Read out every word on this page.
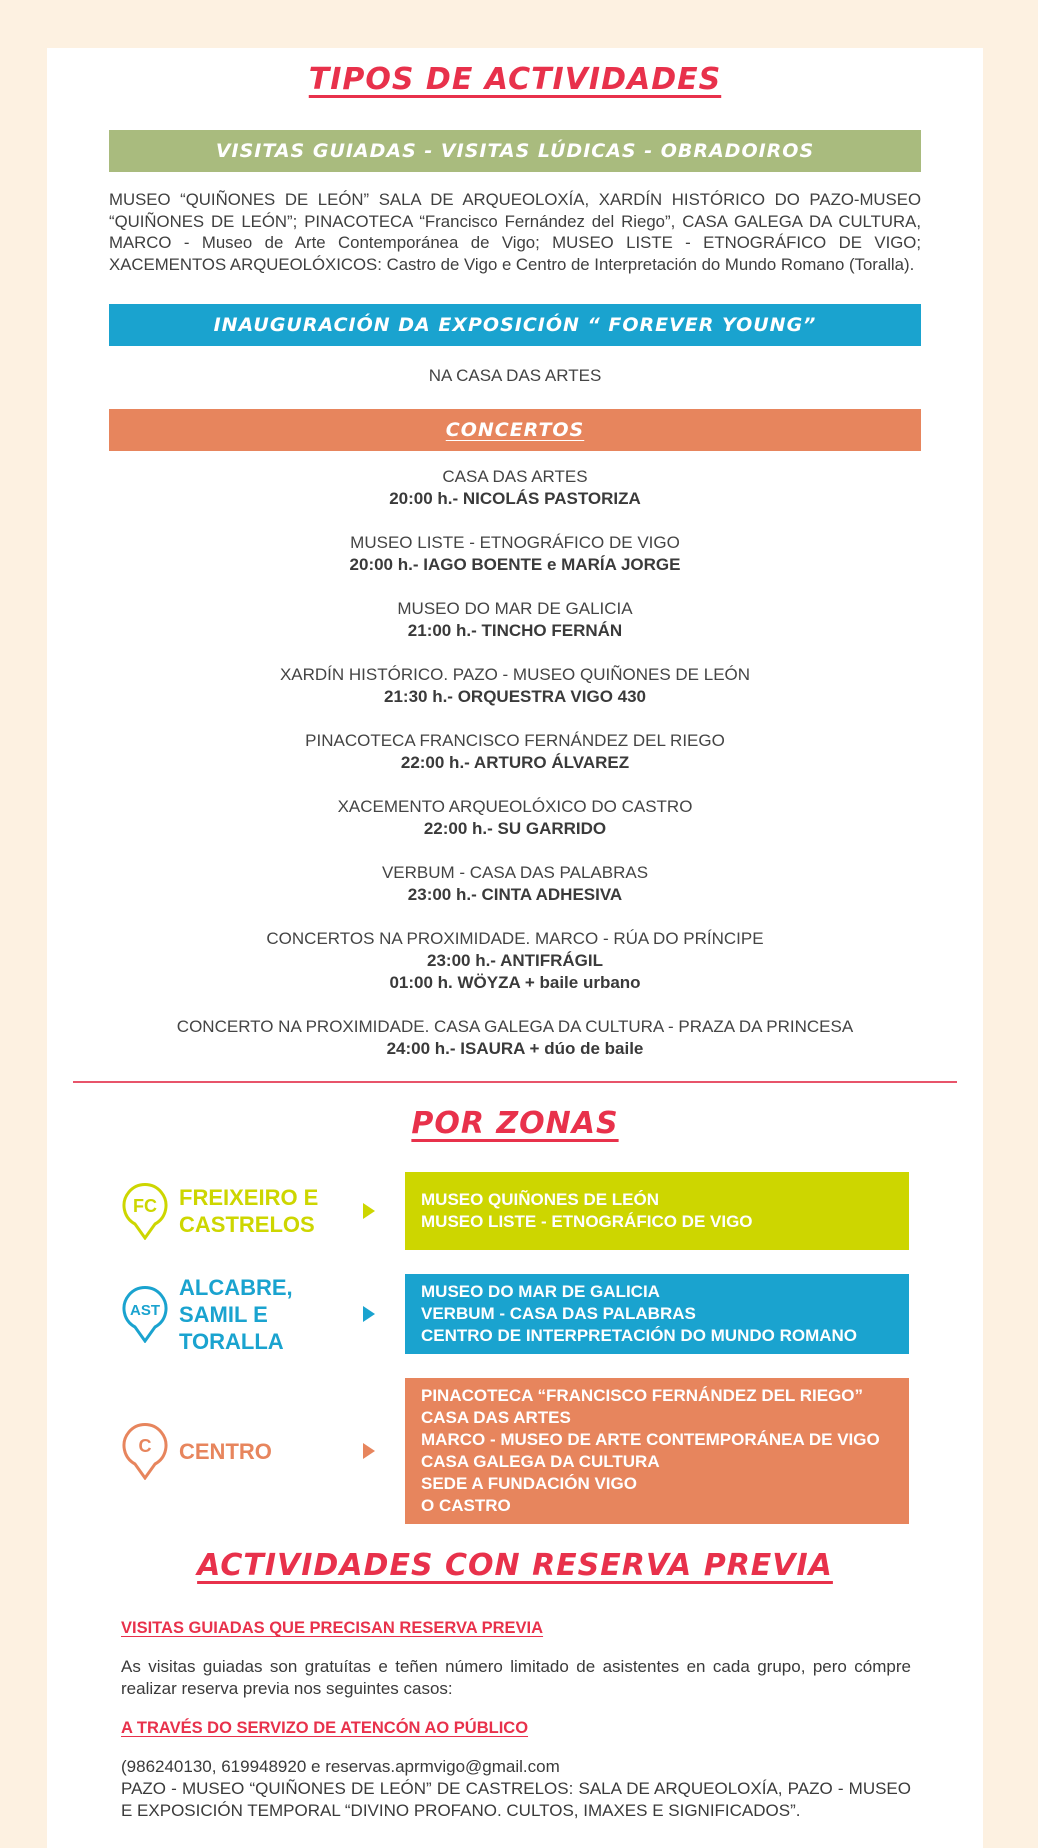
TIPOS DE ACTIVIDADES
VISITAS GUIADAS - VISITAS LÚDICAS - OBRADOIROS

MUSEO “QUIÑONES DE LEÓN” SALA DE ARQUEOLOXÍA, XARDÍN HISTÓRICO DO PAZO-MUSEO “QUIÑONES DE LEÓN”; PINACOTECA “Francisco Fernández del Riego”, CASA GALEGA DA CULTURA, MARCO - Museo de Arte Contemporánea de Vigo; MUSEO LISTE - ETNOGRÁFICO DE VIGO; XACEMENTOS ARQUEOLÓXICOS: Castro de Vigo e Centro de Interpretación do Mundo Romano (Toralla).

INAUGURACIÓN DA EXPOSICIÓN “ FOREVER YOUNG”
NA CASA DAS ARTES
CONCERTOS
CASA DAS ARTES
20:00 h.- NICOLÁS PASTORIZA
MUSEO LISTE - ETNOGRÁFICO DE VIGO
20:00 h.- IAGO BOENTE e MARÍA JORGE
MUSEO DO MAR DE GALICIA
21:00 h.- TINCHO FERNÁN
XARDÍN HISTÓRICO. PAZO - MUSEO QUIÑONES DE LEÓN
21:30 h.- ORQUESTRA VIGO 430
PINACOTECA FRANCISCO FERNÁNDEZ DEL RIEGO
22:00 h.- ARTURO ÁLVAREZ
XACEMENTO ARQUEOLÓXICO DO CASTRO
22:00 h.- SU GARRIDO
VERBUM - CASA DAS PALABRAS
23:00 h.- CINTA ADHESIVA
CONCERTOS NA PROXIMIDADE. MARCO - RÚA DO PRÍNCIPE
23:00 h.- ANTIFRÁGIL
01:00 h. WÖYZA + baile urbano
CONCERTO NA PROXIMIDADE. CASA GALEGA DA CULTURA - PRAZA DA PRINCESA
24:00 h.- ISAURA + dúo de baile
POR ZONAS
FC FREIXEIRO E
CASTRELOS
MUSEO QUIÑONES DE LEÓN
MUSEO LISTE - ETNOGRÁFICO DE VIGO
AST
ALCABRE,
SAMIL E
TORALLA
MUSEO DO MAR DE GALICIA
VERBUM - CASA DAS PALABRAS
CENTRO DE INTERPRETACIÓN DO MUNDO ROMANO
C CENTRO
PINACOTECA “FRANCISCO FERNÁNDEZ DEL RIEGO”
CASA DAS ARTES
MARCO - MUSEO DE ARTE CONTEMPORÁNEA DE VIGO
CASA GALEGA DA CULTURA
SEDE A FUNDACIÓN VIGO
O CASTRO
ACTIVIDADES CON RESERVA PREVIA
VISITAS GUIADAS QUE PRECISAN RESERVA PREVIA

As visitas guiadas son gratuítas e teñen número limitado de asistentes en cada grupo, pero cómpre realizar reserva previa nos seguintes casos:

A TRAVÉS DO SERVIZO DE ATENCÓN AO PÚBLICO

(986240130, 619948920 e reservas.aprmvigo@gmail.com

PAZO - MUSEO “QUIÑONES DE LEÓN” DE CASTRELOS: SALA DE ARQUEOLOXÍA, PAZO - MUSEO E EXPOSICIÓN TEMPORAL “DIVINO PROFANO. CULTOS, IMAXES E SIGNIFICADOS”.
